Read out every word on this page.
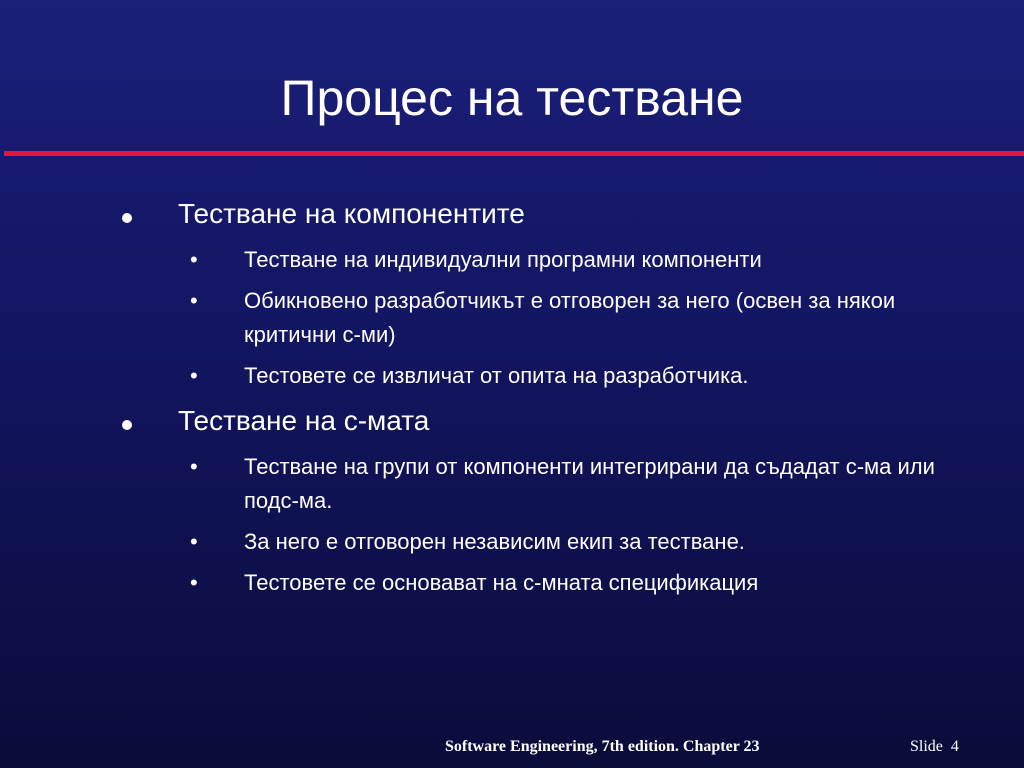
Процес на тестване
Тестване на компонентите
• Тестване на индивидуални програмни компоненти
• Обикновено разработчикът е отговорен за него (освен за някои критични с-ми)
• Тестовете се извличат от опита на разработчика.
Тестване на с-мата
• Тестване на групи от компоненти интегрирани да съдадат с-ма или подс-ма.
• За него е отговорен независим екип за тестване.
• Тестовете се основават на с-мната спецификация
Software Engineering, 7th edition. Chapter 23	Slide 4
